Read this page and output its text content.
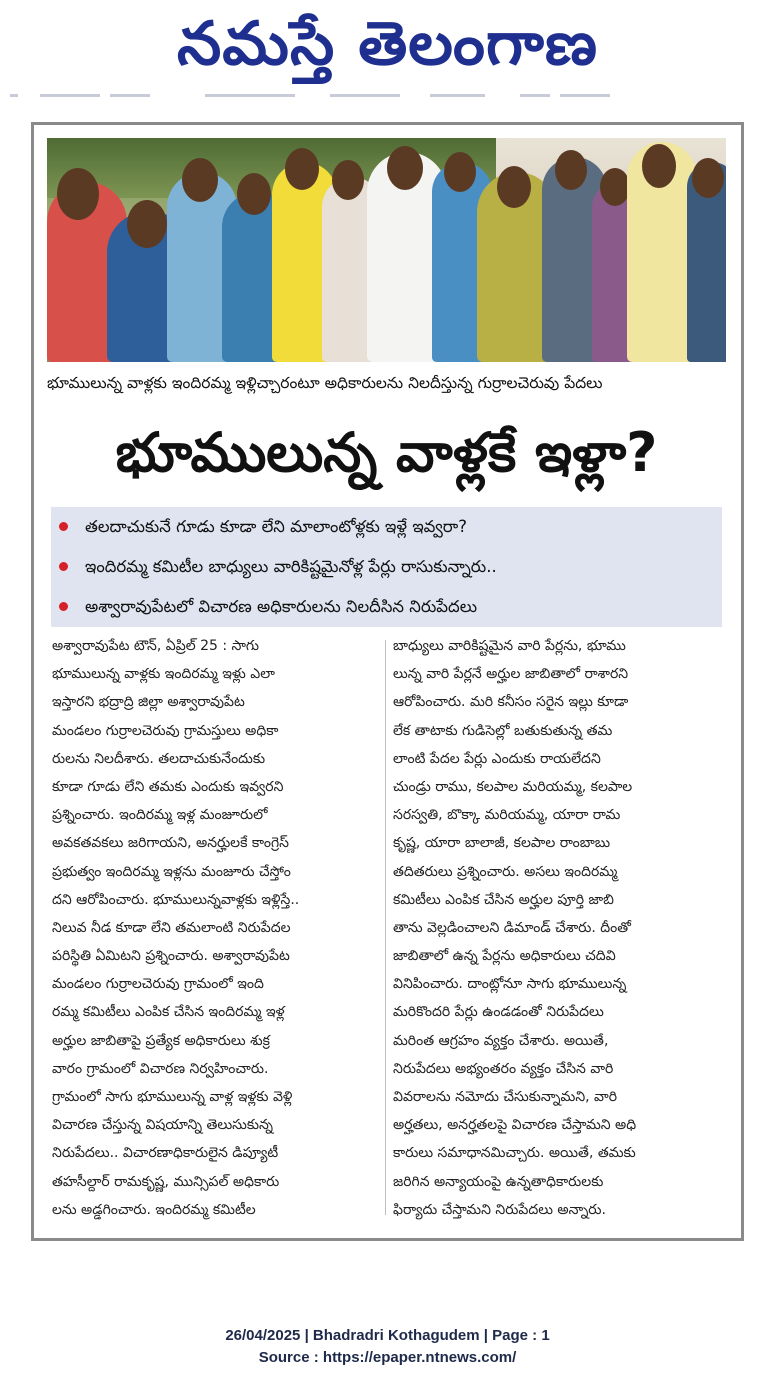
నమస్తే తెలంగాణ
భూములున్న వాళ్లకు ఇందిరమ్మ ఇళ్లిచ్చారంటూ అధికారులను నిలదీస్తున్న గుర్రాలచెరువు పేదలు
భూములున్న వాళ్లకే ఇళ్లా?
తలదాచుకునే గూడు కూడా లేని మాలాంటోళ్లకు ఇళ్లే ఇవ్వరా?
ఇందిరమ్మ కమిటీల బాధ్యులు వారికిష్టమైనోళ్ల పేర్లు రాసుకున్నారు..
అశ్వారావుపేటలో విచారణ అధికారులను నిలదీసిన నిరుపేదలు
అశ్వారావుపేట టౌన్, ఏప్రిల్ 25 : సాగు
భూములున్న వాళ్లకు ఇందిరమ్మ ఇళ్లు ఎలా
ఇస్తారని భద్రాద్రి జిల్లా అశ్వారావుపేట
మండలం గుర్రాలచెరువు గ్రామస్తులు అధికా
రులను నిలదీశారు. తలదాచుకునేందుకు
కూడా గూడు లేని తమకు ఎందుకు ఇవ్వరని
ప్రశ్నించారు. ఇందిరమ్మ ఇళ్ల మంజూరులో
అవకతవకలు జరిగాయని, అనర్హులకే కాంగ్రెస్
ప్రభుత్వం ఇందిరమ్మ ఇళ్లను మంజూరు చేస్తోం
దని ఆరోపించారు. భూములున్నవాళ్లకు ఇళ్లిస్తే..
నిలువ నీడ కూడా లేని తమలాంటి నిరుపేదల
పరిస్థితి ఏమిటని ప్రశ్నించారు. అశ్వారావుపేట
మండలం గుర్రాలచెరువు గ్రామంలో ఇంది
రమ్మ కమిటీలు ఎంపిక చేసిన ఇందిరమ్మ ఇళ్ల
అర్హుల జాబితాపై ప్రత్యేక అధికారులు శుక్ర
వారం గ్రామంలో విచారణ నిర్వహించారు.
గ్రామంలో సాగు భూములున్న వాళ్ల ఇళ్లకు వెళ్లి
విచారణ చేస్తున్న విషయాన్ని తెలుసుకున్న
నిరుపేదలు.. విచారణాధికారులైన డిప్యూటీ
తహసీల్దార్ రామకృష్ణ, మున్సిపల్ అధికారు
లను అడ్డగించారు. ఇందిరమ్మ కమిటీల
బాధ్యులు వారికిష్టమైన వారి పేర్లను, భూము
లున్న వారి పేర్లనే అర్హుల జాబితాలో రాశారని
ఆరోపించారు. మరి కనీసం సరైన ఇల్లు కూడా
లేక తాటాకు గుడిసెల్లో బతుకుతున్న తమ
లాంటి పేదల పేర్లు ఎందుకు రాయలేదని
చుండ్రు రాము, కలపాల మరియమ్మ, కలపాల
సరస్వతి, బొక్కా మరియమ్మ, యారా రామ
కృష్ణ, యారా బాలాజీ, కలపాల రాంబాబు
తదితరులు ప్రశ్నించారు. అసలు ఇందిరమ్మ
కమిటీలు ఎంపిక చేసిన అర్హుల పూర్తి జాబి
తాను వెల్లడించాలని డిమాండ్ చేశారు. దీంతో
జాబితాలో ఉన్న పేర్లను అధికారులు చదివి
వినిపించారు. దాంట్లోనూ సాగు భూములున్న
మరికొందరి పేర్లు ఉండడంతో నిరుపేదలు
మరింత ఆగ్రహం వ్యక్తం చేశారు. అయితే,
నిరుపేదలు అభ్యంతరం వ్యక్తం చేసిన వారి
వివరాలను నమోదు చేసుకున్నామని, వారి
అర్హతలు, అనర్హతలపై విచారణ చేస్తామని అధి
కారులు సమాధానమిచ్చారు. అయితే, తమకు
జరిగిన అన్యాయంపై ఉన్నతాధికారులకు
ఫిర్యాదు చేస్తామని నిరుపేదలు అన్నారు.
26/04/2025 | Bhadradri Kothagudem | Page : 1
Source : https://epaper.ntnews.com/
